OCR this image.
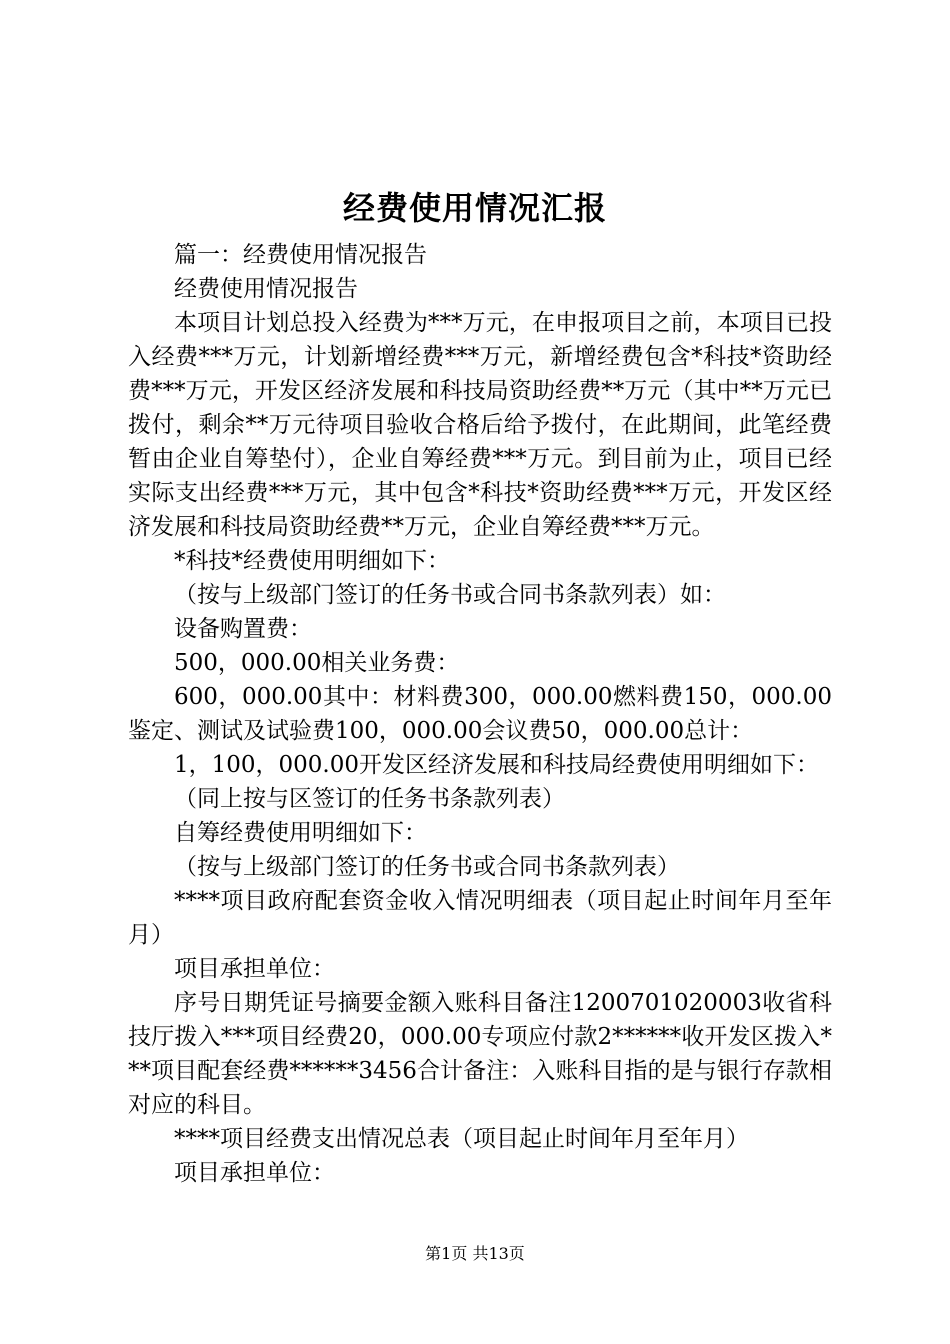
经费使用情况汇报

篇一：经费使用情况报告

经费使用情况报告

本项目计划总投入经费为***万元，在申报项目之前，本项目已投入经费***万元，计划新增经费***万元，新增经费包含*科技*资助经费***万元，开发区经济发展和科技局资助经费**万元（其中**万元已拨付，剩余**万元待项目验收合格后给予拨付，在此期间，此笔经费暂由企业自筹垫付），企业自筹经费***万元。到目前为止，项目已经实际支出经费***万元，其中包含*科技*资助经费***万元，开发区经济发展和科技局资助经费**万元，企业自筹经费***万元。

*科技*经费使用明细如下：

（按与上级部门签订的任务书或合同书条款列表）如：

设备购置费：

500，000.00相关业务费：

600，000.00其中：材料费300，000.00燃料费150，000.00鉴定、测试及试验费100，000.00会议费50，000.00总计：

1，100，000.00开发区经济发展和科技局经费使用明细如下：

（同上按与区签订的任务书条款列表）

自筹经费使用明细如下：

（按与上级部门签订的任务书或合同书条款列表）

****项目政府配套资金收入情况明细表（项目起止时间年月至年月）

项目承担单位：

序号日期凭证号摘要金额入账科目备注1200701020003收省科技厅拨入***项目经费20，000.00专项应付款2******收开发区拨入***项目配套经费******3456合计备注：入账科目指的是与银行存款相对应的科目。

****项目经费支出情况总表（项目起止时间年月至年月）

项目承担单位：

第1页 共13页
